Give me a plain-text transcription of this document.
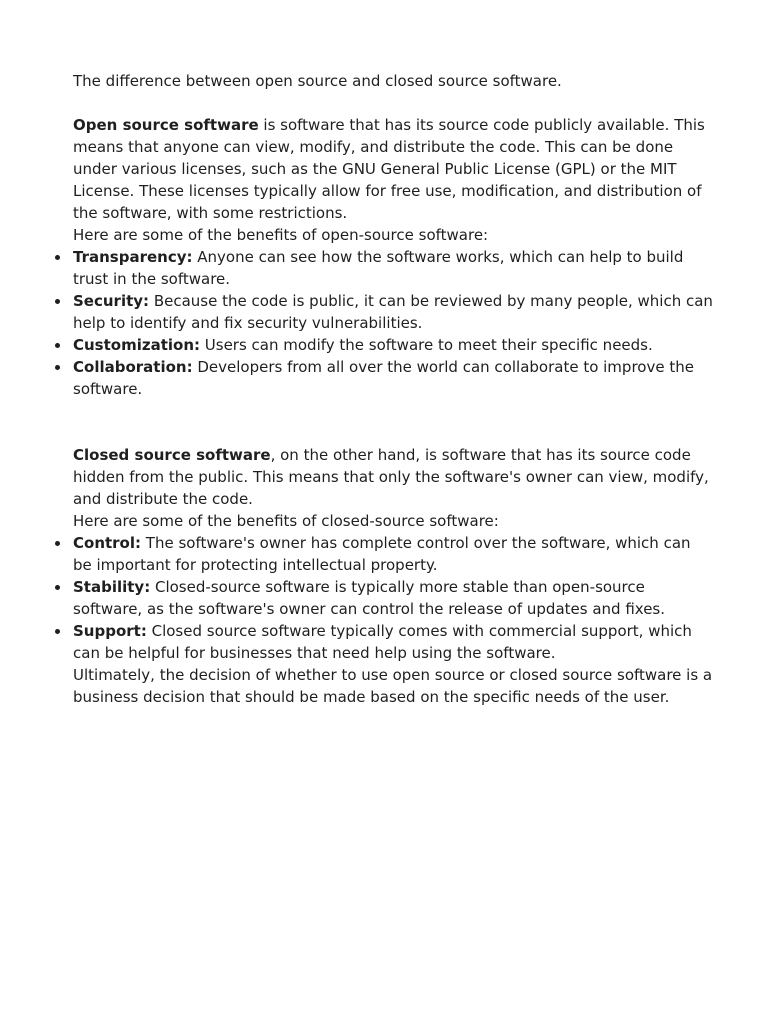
The difference between open source and closed source software.

Open source software is software that has its source code publicly available. This means that anyone can view, modify, and distribute the code. This can be done under various licenses, such as the GNU General Public License (GPL) or the MIT License. These licenses typically allow for free use, modification, and distribution of the software, with some restrictions.

Here are some of the benefits of open-source software:

Transparency: Anyone can see how the software works, which can help to build trust in the software.
Security: Because the code is public, it can be reviewed by many people, which can help to identify and fix security vulnerabilities.
Customization: Users can modify the software to meet their specific needs.
Collaboration: Developers from all over the world can collaborate to improve the software.

Closed source software, on the other hand, is software that has its source code hidden from the public. This means that only the software's owner can view, modify, and distribute the code.

Here are some of the benefits of closed-source software:

Control: The software's owner has complete control over the software, which can be important for protecting intellectual property.
Stability: Closed-source software is typically more stable than open-source software, as the software's owner can control the release of updates and fixes.
Support: Closed source software typically comes with commercial support, which can be helpful for businesses that need help using the software.

Ultimately, the decision of whether to use open source or closed source software is a business decision that should be made based on the specific needs of the user.
